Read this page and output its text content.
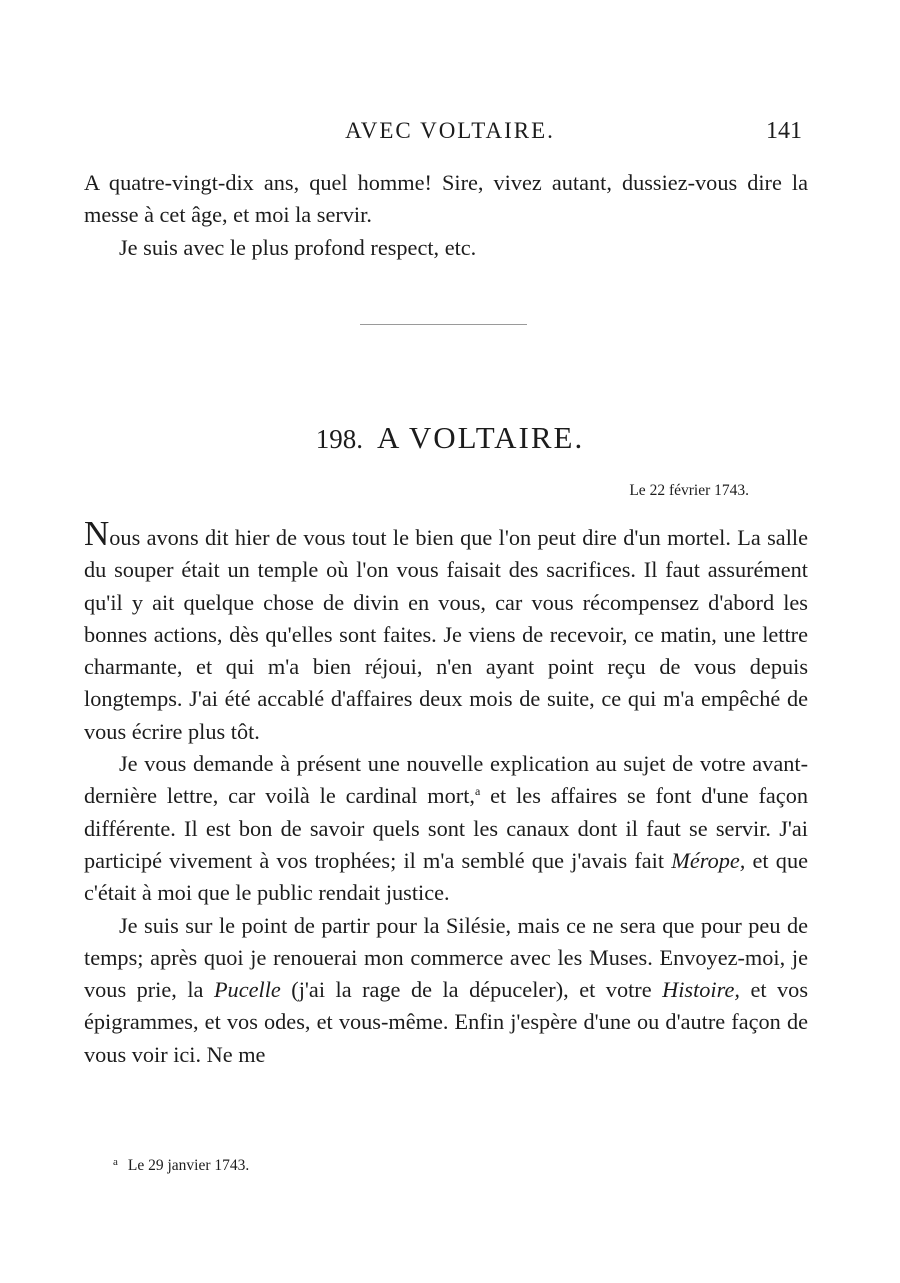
AVEC VOLTAIRE.	141

A quatre-vingt-dix ans, quel homme! Sire, vivez autant, dussiez-vous dire la messe à cet âge, et moi la servir.

Je suis avec le plus profond respect, etc.

198. A VOLTAIRE.
Le 22 février 1743.

Nous avons dit hier de vous tout le bien que l'on peut dire d'un mortel. La salle du souper était un temple où l'on vous faisait des sacrifices. Il faut assurément qu'il y ait quelque chose de divin en vous, car vous récompensez d'abord les bonnes actions, dès qu'elles sont faites. Je viens de recevoir, ce matin, une lettre charmante, et qui m'a bien réjoui, n'en ayant point reçu de vous depuis longtemps. J'ai été accablé d'affaires deux mois de suite, ce qui m'a empêché de vous écrire plus tôt.

Je vous demande à présent une nouvelle explication au sujet de votre avant-dernière lettre, car voilà le cardinal mort,$^a$ et les affaires se font d'une façon différente. Il est bon de savoir quels sont les canaux dont il faut se servir. J'ai participé vivement à vos trophées; il m'a semblé que j'avais fait Mérope, et que c'était à moi que le public rendait justice.

Je suis sur le point de partir pour la Silésie, mais ce ne sera que pour peu de temps; après quoi je renouerai mon commerce avec les Muses. Envoyez-moi, je vous prie, la Pucelle (j'ai la rage de la dépuceler), et votre Histoire, et vos épigrammes, et vos odes, et vous-même. Enfin j'espère d'une ou d'autre façon de vous voir ici. Ne me

$^a$ Le 29 janvier 1743.
